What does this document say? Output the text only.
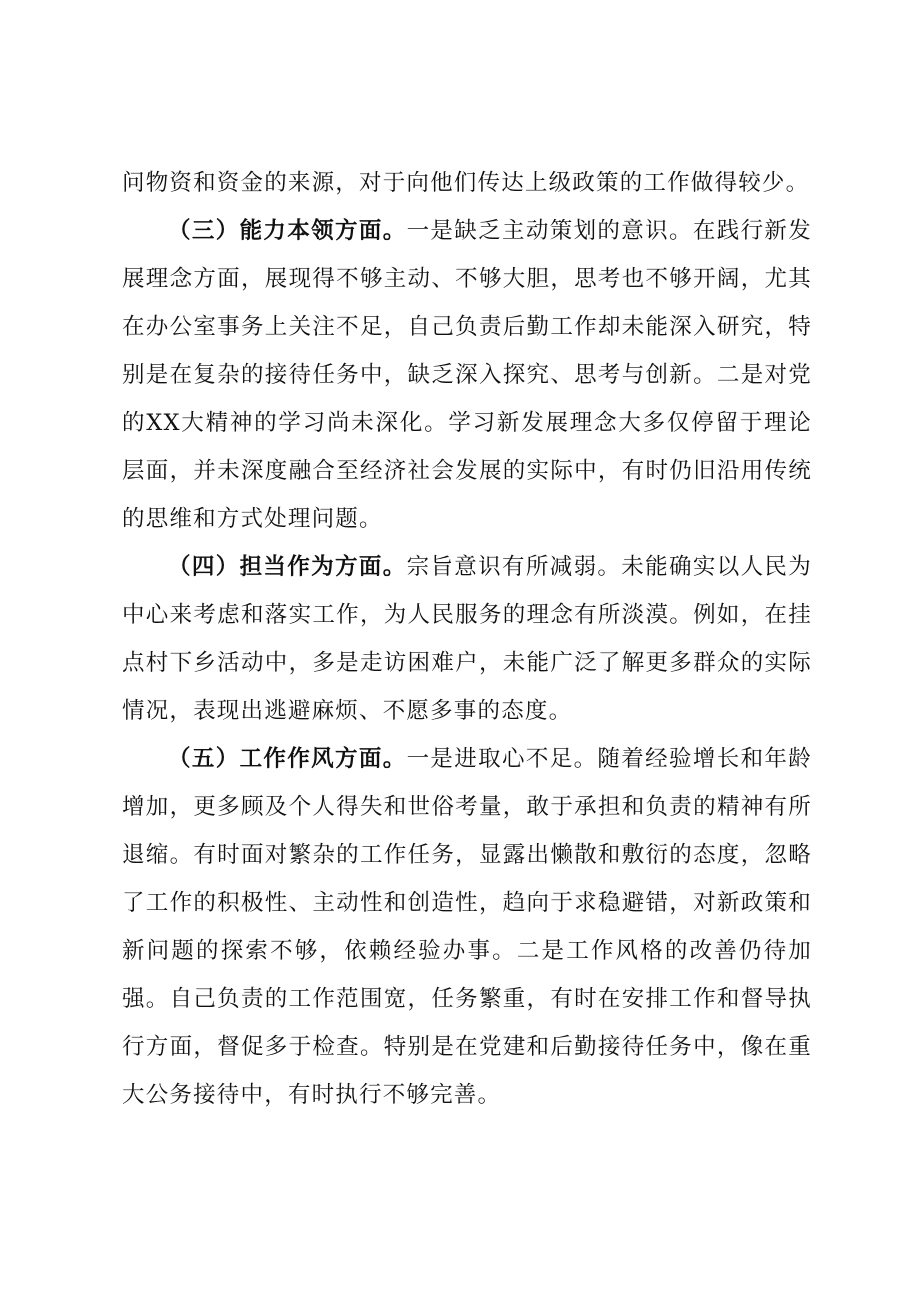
问物资和资金的来源，对于向他们传达上级政策的工作做得较少。

（三）能力本领方面。一是缺乏主动策划的意识。在践行新发展理念方面，展现得不够主动、不够大胆，思考也不够开阔，尤其在办公室事务上关注不足，自己负责后勤工作却未能深入研究，特别是在复杂的接待任务中，缺乏深入探究、思考与创新。二是对党的XX大精神的学习尚未深化。学习新发展理念大多仅停留于理论层面，并未深度融合至经济社会发展的实际中，有时仍旧沿用传统的思维和方式处理问题。

（四）担当作为方面。宗旨意识有所减弱。未能确实以人民为中心来考虑和落实工作，为人民服务的理念有所淡漠。例如，在挂点村下乡活动中，多是走访困难户，未能广泛了解更多群众的实际情况，表现出逃避麻烦、不愿多事的态度。

（五）工作作风方面。一是进取心不足。随着经验增长和年龄增加，更多顾及个人得失和世俗考量，敢于承担和负责的精神有所退缩。有时面对繁杂的工作任务，显露出懒散和敷衍的态度，忽略了工作的积极性、主动性和创造性，趋向于求稳避错，对新政策和新问题的探索不够，依赖经验办事。二是工作风格的改善仍待加强。自己负责的工作范围宽，任务繁重，有时在安排工作和督导执行方面，督促多于检查。特别是在党建和后勤接待任务中，像在重大公务接待中，有时执行不够完善。
